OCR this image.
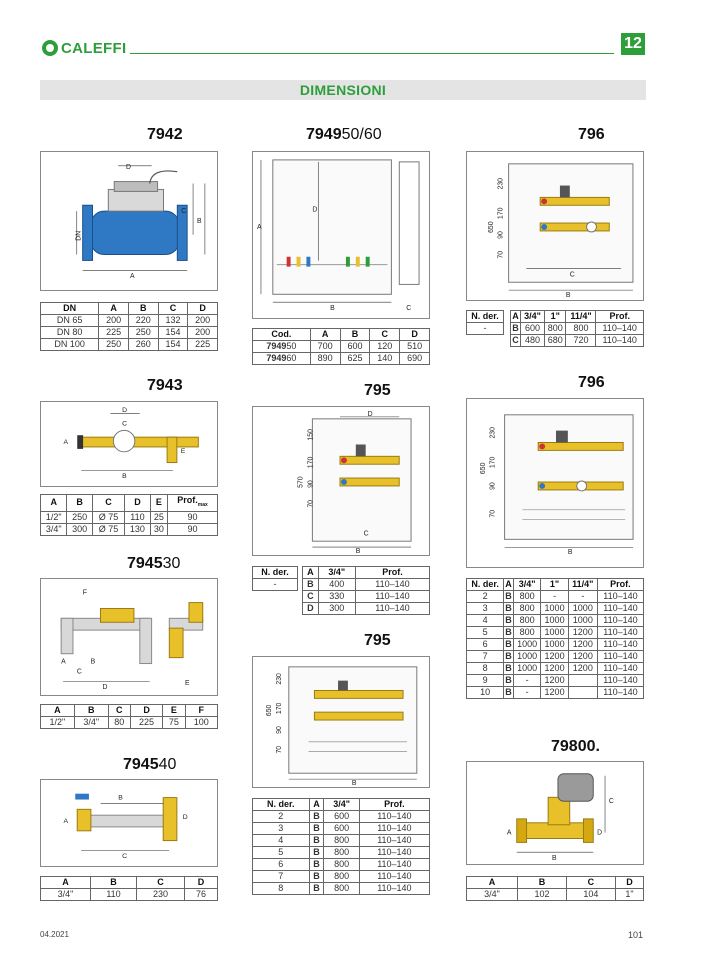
CALEFFI	12
DIMENSIONI
7942
A
D
C
B
DN
DN	A	B	C	D
DN 65	200	220	132	200
DN 80	225	250	154	200
DN 100	250	260	154	225
7943
B
D
C
A
E
A	B	C	D	E	$Prof._{max}$
1/2"	250	Ø 75	110	25	90
3/4"	300	Ø 75	130	30	90
794530
D
F
A	B
C
E
A	B	C	D	E	F
1/2"	3/4"	80	225	75	100
794540
C
B
D
A
A	B	C	D
3/4"	110	230	76
794950/60
A
D
B	C
Cod.	A	B	C	D
794950	700	600	120	510
794960	890	625	140	690
795
570
150
170
90
70
D
C
B
N. der.
-
A	3/4"	Prof.
B	400	110–140
C	330	110–140
D	300	110–140
795
650
230
170
90
70
B
N. der.	A	3/4"	Prof.
2	B	600	110–140
3	B	600	110–140
4	B	800	110–140
5	B	800	110–140
6	B	800	110–140
7	B	800	110–140
8	B	800	110–140
796
650
230
170
90
70
C
B
N. der.
-
A	3/4"	1"	11/4"	Prof.
B	600	800	800	110–140
C	480	680	720	110–140
796
650
230
170
90
70
B
N. der.	A	3/4"	1"	11/4"	Prof.
2	B	800	-	-	110–140
3	B	800	1000	1000	110–140
4	B	800	1000	1000	110–140
5	B	800	1000	1200	110–140
6	B	1000	1000	1200	110–140
7	B	1000	1200	1200	110–140
8	B	1000	1200	1200	110–140
9	B	-	1200		110–140
10	B	-	1200		110–140
79800.
B
C
A	D
A	B	C	D
3/4"	102	104	1"
04.2021	101
